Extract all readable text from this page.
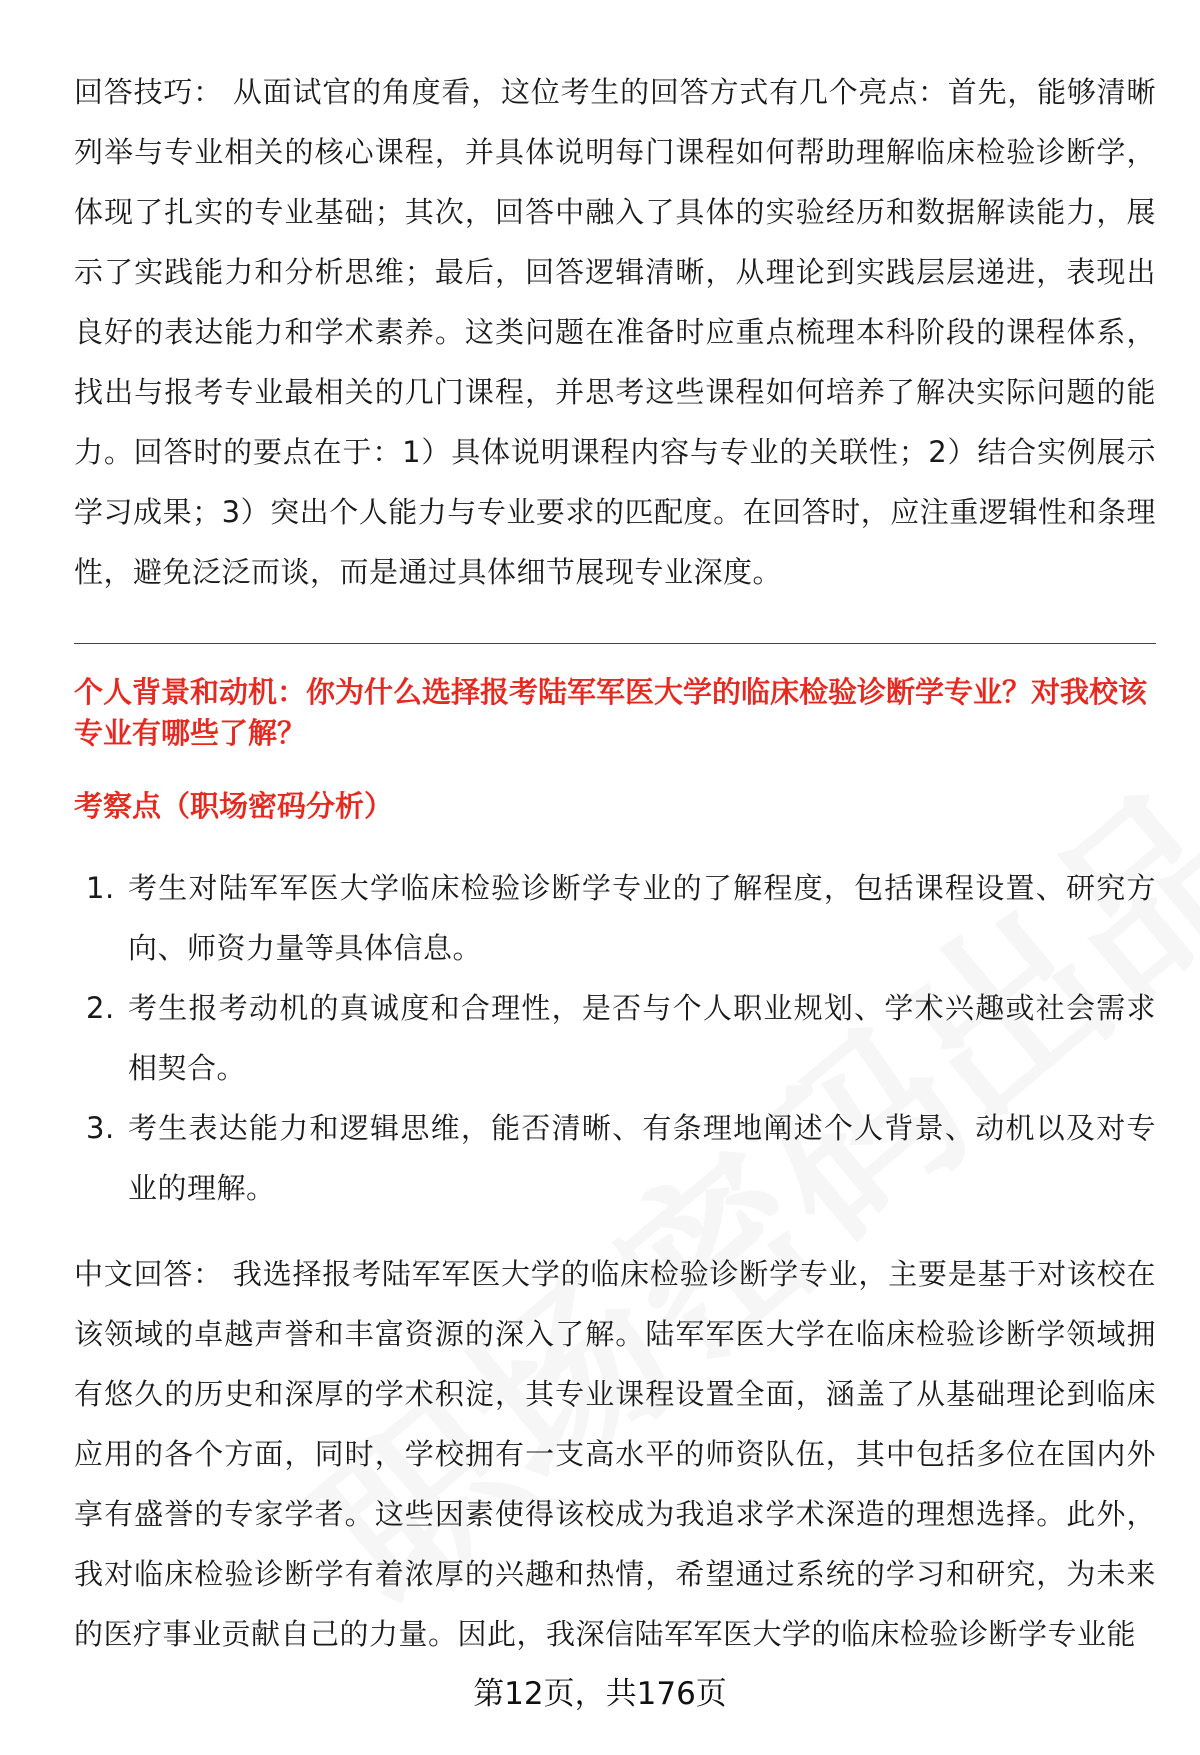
回答技巧： 从面试官的角度看，这位考生的回答方式有几个亮点：首先，能够清晰列举与专业相关的核心课程，并具体说明每门课程如何帮助理解临床检验诊断学，体现了扎实的专业基础；其次，回答中融入了具体的实验经历和数据解读能力，展示了实践能力和分析思维；最后，回答逻辑清晰，从理论到实践层层递进，表现出良好的表达能力和学术素养。这类问题在准备时应重点梳理本科阶段的课程体系，找出与报考专业最相关的几门课程，并思考这些课程如何培养了解决实际问题的能力。回答时的要点在于：1）具体说明课程内容与专业的关联性；2）结合实例展示学习成果；3）突出个人能力与专业要求的匹配度。在回答时，应注重逻辑性和条理性，避免泛泛而谈，而是通过具体细节展现专业深度。

个人背景和动机：你为什么选择报考陆军军医大学的临床检验诊断学专业？对我校该专业有哪些了解？
考察点（职场密码分析）
1. 考生对陆军军医大学临床检验诊断学专业的了解程度，包括课程设置、研究方向、师资力量等具体信息。
2. 考生报考动机的真诚度和合理性，是否与个人职业规划、学术兴趣或社会需求相契合。
3. 考生表达能力和逻辑思维，能否清晰、有条理地阐述个人背景、动机以及对专业的理解。

中文回答： 我选择报考陆军军医大学的临床检验诊断学专业，主要是基于对该校在该领域的卓越声誉和丰富资源的深入了解。陆军军医大学在临床检验诊断学领域拥有悠久的历史和深厚的学术积淀，其专业课程设置全面，涵盖了从基础理论到临床应用的各个方面，同时，学校拥有一支高水平的师资队伍，其中包括多位在国内外享有盛誉的专家学者。这些因素使得该校成为我追求学术深造的理想选择。此外，我对临床检验诊断学有着浓厚的兴趣和热情，希望通过系统的学习和研究，为未来的医疗事业贡献自己的力量。因此，我深信陆军军医大学的临床检验诊断学专业能

第12页，共176页
